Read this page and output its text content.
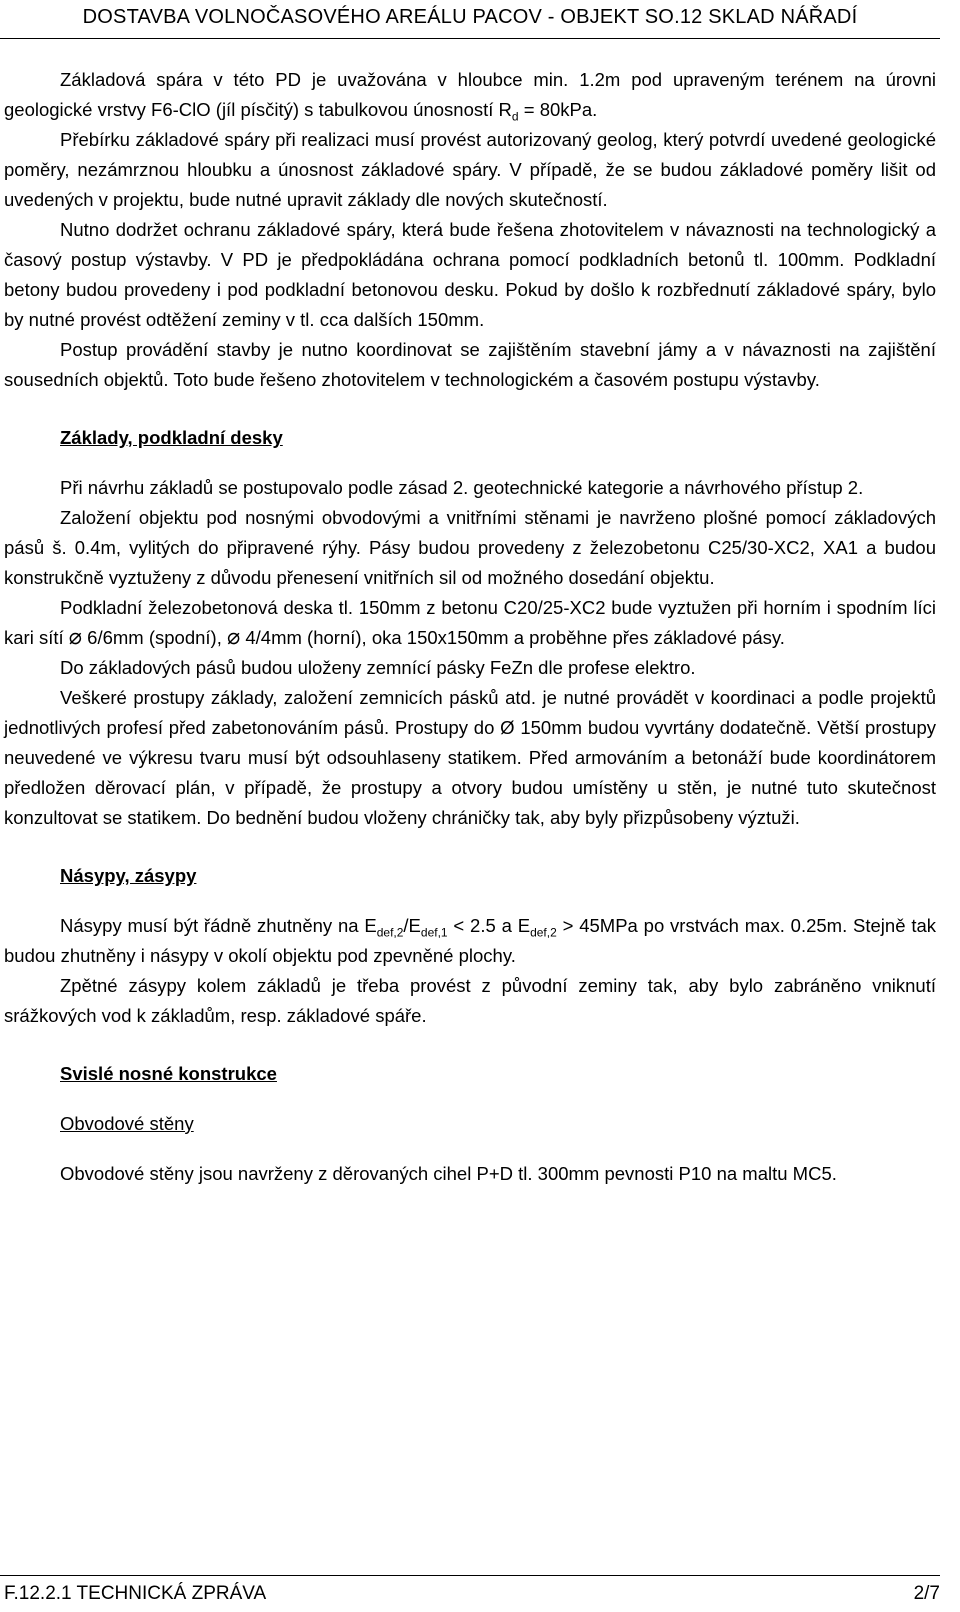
DOSTAVBA VOLNOČASOVÉHO AREÁLU PACOV - OBJEKT SO.12 SKLAD NÁŘADÍ

Základová spára v této PD je uvažována v hloubce min. 1.2m pod upraveným terénem na úrovni geologické vrstvy F6-ClO (jíl písčitý) s tabulkovou únosností $R_d = 80kPa$.

Přebírku základové spáry při realizaci musí provést autorizovaný geolog, který potvrdí uvedené geologické poměry, nezámrznou hloubku a únosnost základové spáry. V případě, že se budou základové poměry lišit od uvedených v projektu, bude nutné upravit základy dle nových skutečností.

Nutno dodržet ochranu základové spáry, která bude řešena zhotovitelem v návaznosti na technologický a časový postup výstavby. V PD je předpokládána ochrana pomocí podkladních betonů tl. 100mm. Podkladní betony budou provedeny i pod podkladní betonovou desku. Pokud by došlo k rozbřednutí základové spáry, bylo by nutné provést odtěžení zeminy v tl. cca dalších 150mm.

Postup provádění stavby je nutno koordinovat se zajištěním stavební jámy a v návaznosti na zajištění sousedních objektů. Toto bude řešeno zhotovitelem v technologickém a časovém postupu výstavby.

Základy, podkladní desky

Při návrhu základů se postupovalo podle zásad 2. geotechnické kategorie a návrhového přístup 2.

Založení objektu pod nosnými obvodovými a vnitřními stěnami je navrženo plošné pomocí základových pásů š. 0.4m, vylitých do připravené rýhy. Pásy budou provedeny z železobetonu C25/30-XC2, XA1 a budou konstrukčně vyztuženy z důvodu přenesení vnitřních sil od možného dosedání objektu.

Podkladní železobetonová deska tl. 150mm z betonu C20/25-XC2 bude vyztužen při horním i spodním líci kari sítí ⌀ 6/6mm (spodní), ⌀ 4/4mm (horní), oka 150x150mm a proběhne přes základové pásy.

Do základových pásů budou uloženy zemnící pásky FeZn dle profese elektro.

Veškeré prostupy základy, založení zemnicích pásků atd. je nutné provádět v koordinaci a podle projektů jednotlivých profesí před zabetonováním pásů. Prostupy do Ø 150mm budou vyvrtány dodatečně. Větší prostupy neuvedené ve výkresu tvaru musí být odsouhlaseny statikem. Před armováním a betonáží bude koordinátorem předložen děrovací plán, v případě, že prostupy a otvory budou umístěny u stěn, je nutné tuto skutečnost konzultovat se statikem. Do bednění budou vloženy chráničky tak, aby byly přizpůsobeny výztuži.

Násypy, zásypy

Násypy musí být řádně zhutněny na $E_{def,2}/E_{def,1} < 2.5$ a $E_{def,2} > 45MPa$ po vrstvách max. 0.25m. Stejně tak budou zhutněny i násypy v okolí objektu pod zpevněné plochy.

Zpětné zásypy kolem základů je třeba provést z původní zeminy tak, aby bylo zabráněno vniknutí srážkových vod k základům, resp. základové spáře.

Svislé nosné konstrukce
Obvodové stěny

Obvodové stěny jsou navrženy z děrovaných cihel P+D tl. 300mm pevnosti P10 na maltu MC5.

F.12.2.1 TECHNICKÁ ZPRÁVA	2/7
